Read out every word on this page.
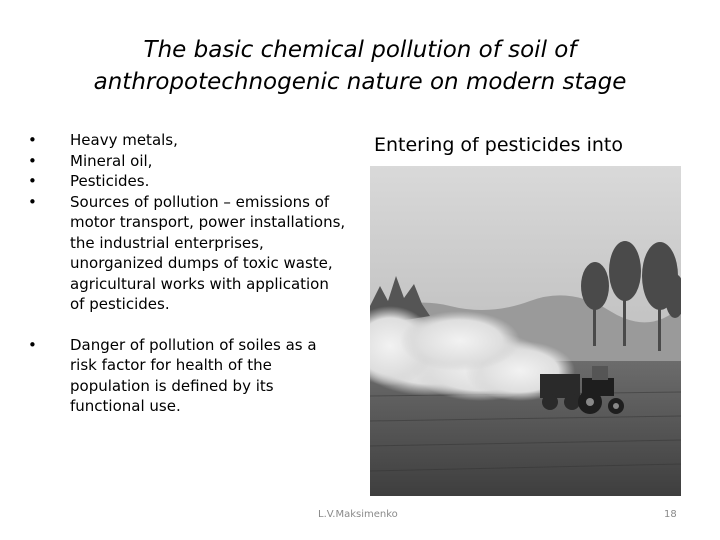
The basic chemical pollution of soil of
anthropotechnogenic nature on modern stage
•	Heavy metals,
•	Mineral oil,
•	Pesticides.
•	Sources of pollution – emissions of motor transport, power installations, the industrial enterprises, unorganized dumps of toxic waste, agricultural works with application of pesticides.
•	Danger of pollution of soiles as a risk factor for health of the population is defined by its functional use.
Entering of pesticides into
L.V.Maksimenko	18
